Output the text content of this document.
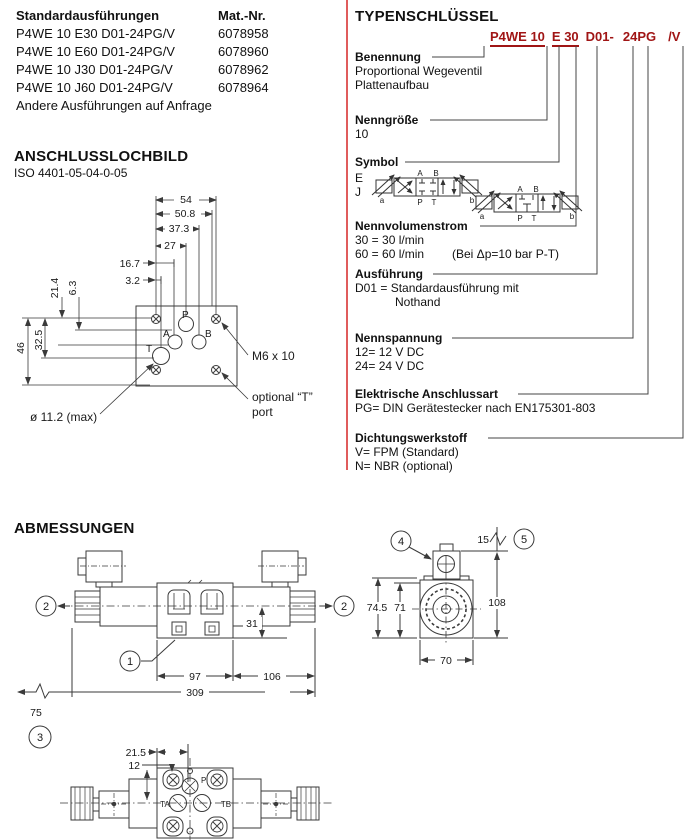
Standardausführungen	Mat.-Nr.
P4WE 10 E30 D01-24PG/V	6078958
P4WE 10 E60 D01-24PG/V	6078960
P4WE 10 J30 D01-24PG/V	6078962
P4WE 10 J60 D01-24PG/V	6078964
Andere Ausführungen auf Anfrage
ANSCHLUSSLOCHBILD
ISO 4401-05-04-0-05
54
50.8
37.3
27
16.7
3.2
21.4 6.3
46 32.5
P
A	B
T	M6 x 10
optional “T”
port
ø 11.2 (max)
TYPENSCHLÜSSEL
P4WE 10 E 30 D01- 24PG /V
Benennung
Proportional Wegeventil
Plattenaufbau
Nenngröße
10
Symbol
E
J
A B
P T
a	b
A B
P T
a	b
Nennvolumenstrom
30 = 30 l/min
60 = 60 l/min (Bei Δp=10 bar P-T)
Ausführung
D01 = Standardausführung mit
Nothand
Nennspannung
12= 12 V DC
24= 24 V DC
Elektrische Anschlussart
PG= DIN Gerätestecker nach EN175301-803
Dichtungswerkstoff
V= FPM (Standard)
N= NBR (optional)
ABMESSUNGEN
31
97	106
309
75
2	2
1
3
4	5
15
108
74.5 71
70
21.5
12
P
TA	TB
